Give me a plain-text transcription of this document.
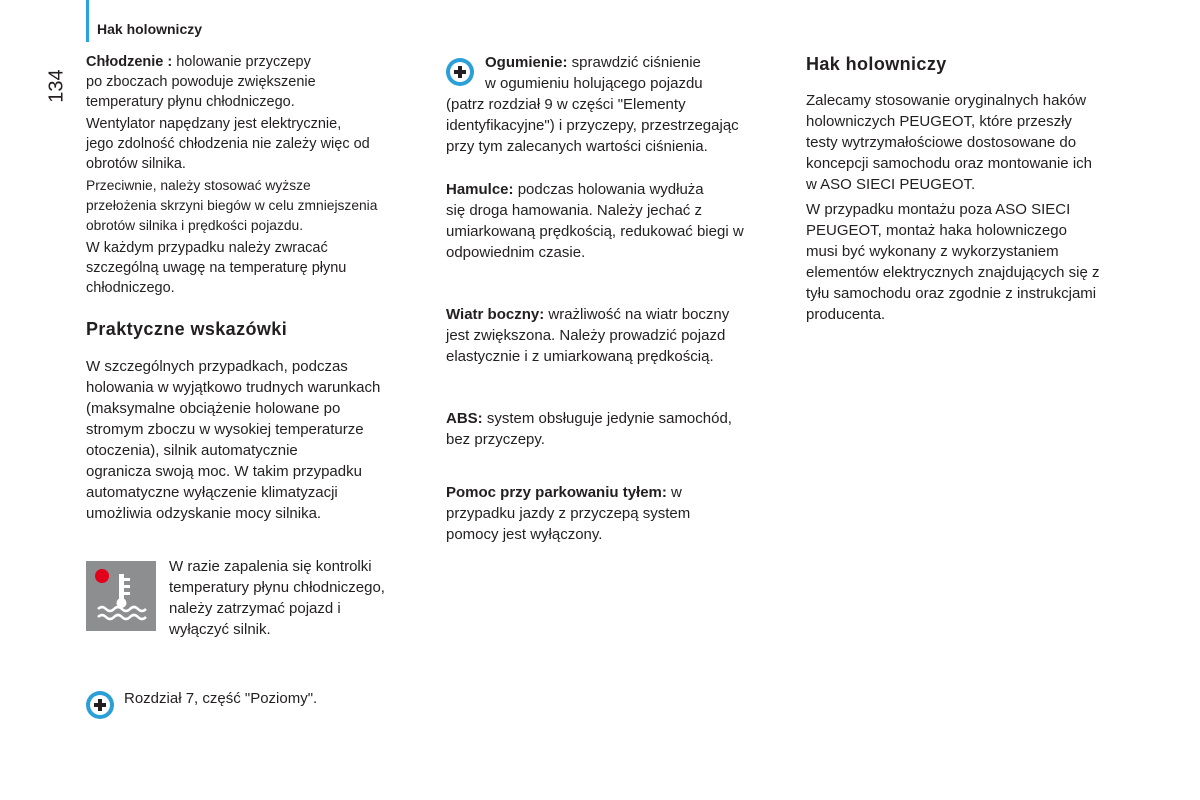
Hak holowniczy
134
Chłodzenie : holowanie przyczepy
po zboczach powoduje zwiększenie
temperatury płynu chłodniczego.
Wentylator napędzany jest elektrycznie,
jego zdolność chłodzenia nie zależy więc od
obrotów silnika.
Przeciwnie, należy stosować wyższe
przełożenia skrzyni biegów w celu zmniejszenia
obrotów silnika i prędkości pojazdu.
W każdym przypadku należy zwracać
szczególną uwagę na temperaturę płynu
chłodniczego.
Praktyczne wskazówki
W szczególnych przypadkach, podczas
holowania w wyjątkowo trudnych warunkach
(maksymalne obciążenie holowane po
stromym zboczu w wysokiej temperaturze
otoczenia), silnik automatycznie
ogranicza swoją moc. W takim przypadku
automatyczne wyłączenie klimatyzacji
umożliwia odzyskanie mocy silnika.
W razie zapalenia się kontrolki
temperatury płynu chłodniczego,
należy zatrzymać pojazd i
wyłączyć silnik.
Rozdział 7, część "Poziomy".
Ogumienie: sprawdzić ciśnienie
w ogumieniu holującego pojazdu
(patrz rozdział 9 w części "Elementy
identyfikacyjne") i przyczepy, przestrzegając
przy tym zalecanych wartości ciśnienia.
Hamulce: podczas holowania wydłuża
się droga hamowania. Należy jechać z
umiarkowaną prędkością, redukować biegi w
odpowiednim czasie.
Wiatr boczny: wrażliwość na wiatr boczny
jest zwiększona. Należy prowadzić pojazd
elastycznie i z umiarkowaną prędkością.
ABS: system obsługuje jedynie samochód,
bez przyczepy.
Pomoc przy parkowaniu tyłem: w
przypadku jazdy z przyczepą system
pomocy jest wyłączony.
Hak holowniczy
Zalecamy stosowanie oryginalnych haków
holowniczych PEUGEOT, które przeszły
testy wytrzymałościowe dostosowane do
koncepcji samochodu oraz montowanie ich
w ASO SIECI PEUGEOT.
W przypadku montażu poza ASO SIECI
PEUGEOT, montaż haka holowniczego
musi być wykonany z wykorzystaniem
elementów elektrycznych znajdujących się z
tyłu samochodu oraz zgodnie z instrukcjami
producenta.
